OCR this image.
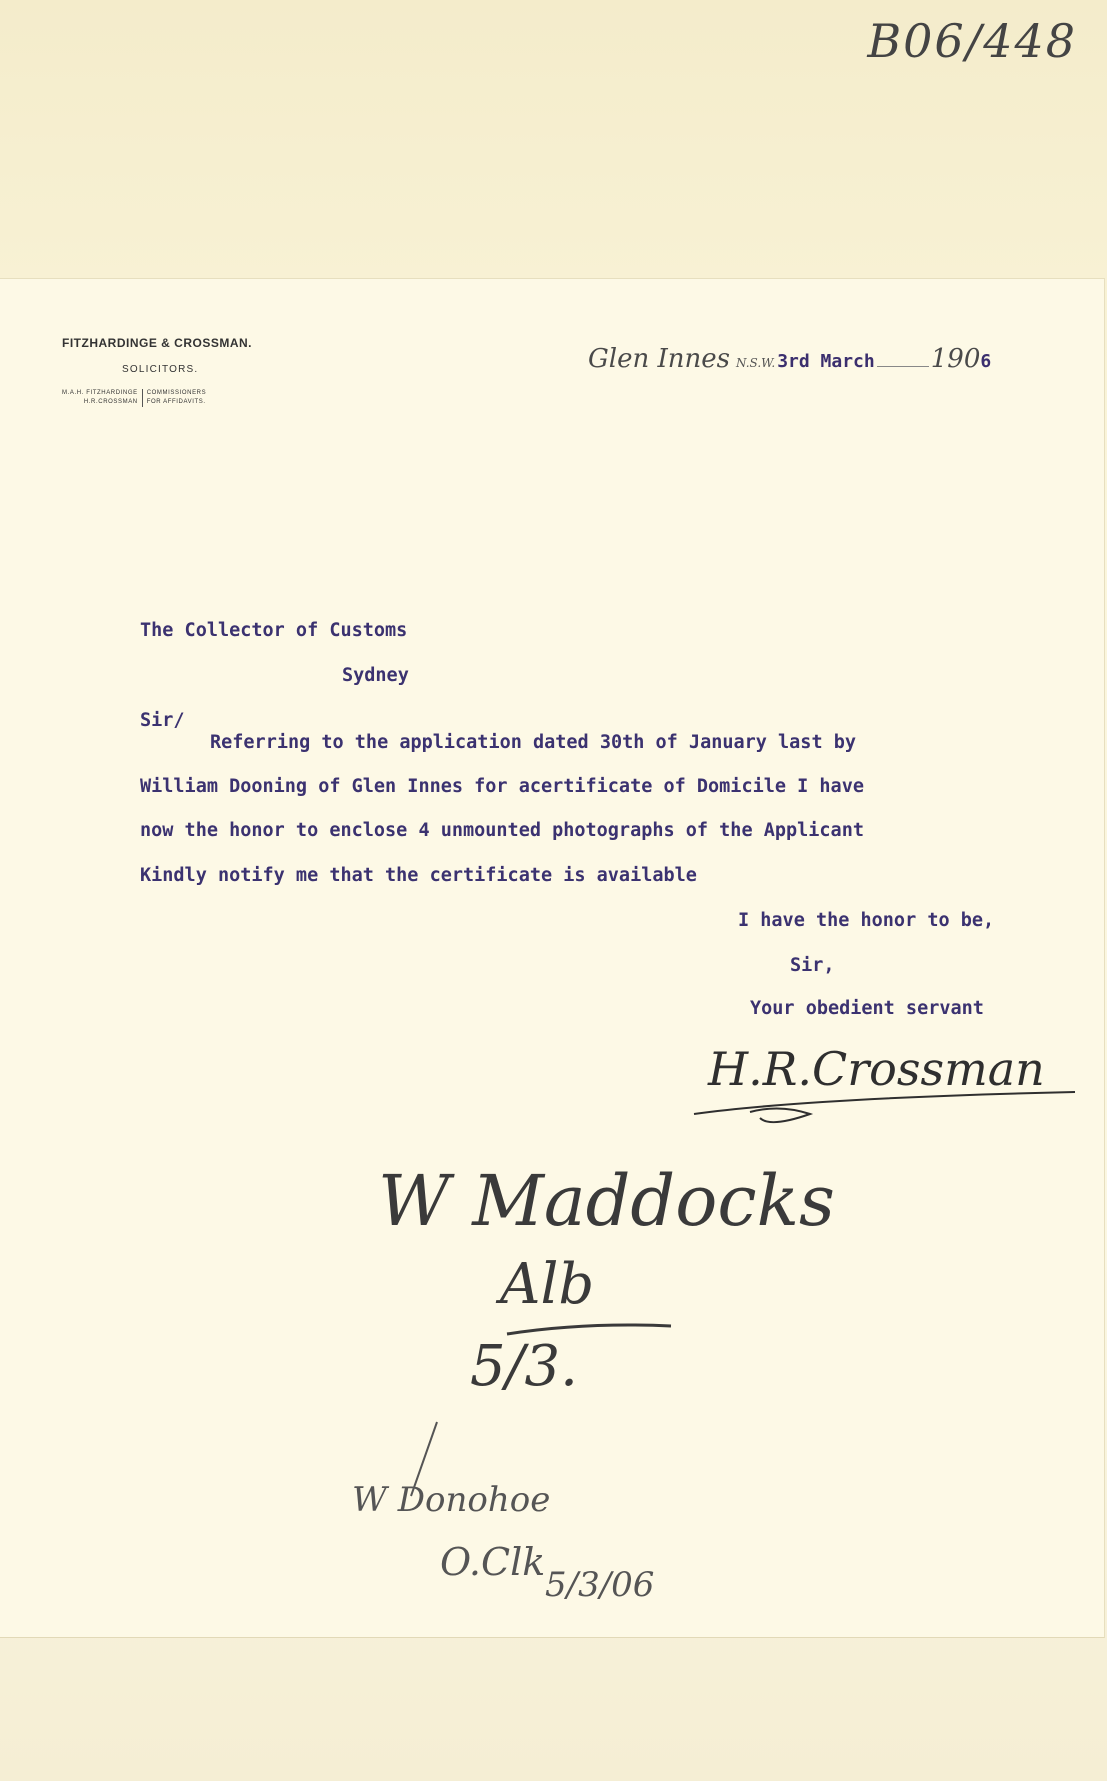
B06/448
FITZHARDINGE & CROSSMAN.
SOLICITORS.
M.A.H. FITZHARDINGE
H.R.CROSSMAN
COMMISSIONERS
FOR AFFIDAVITS.
Glen Innes N.S.W. 3rd March 190 6
The Collector of Customs
Sydney
Sir/
Referring to the application dated 30th of January last by
William Dooning of Glen Innes for acertificate of Domicile I have
now the honor to enclose 4 unmounted photographs of the Applicant
Kindly notify me that the certificate is available
I have the honor to be,
Sir,
Your obedient servant
H.R.Crossman
W Maddocks
Alb
5/3.
W Donohoe
O.Clk
5/3/06
